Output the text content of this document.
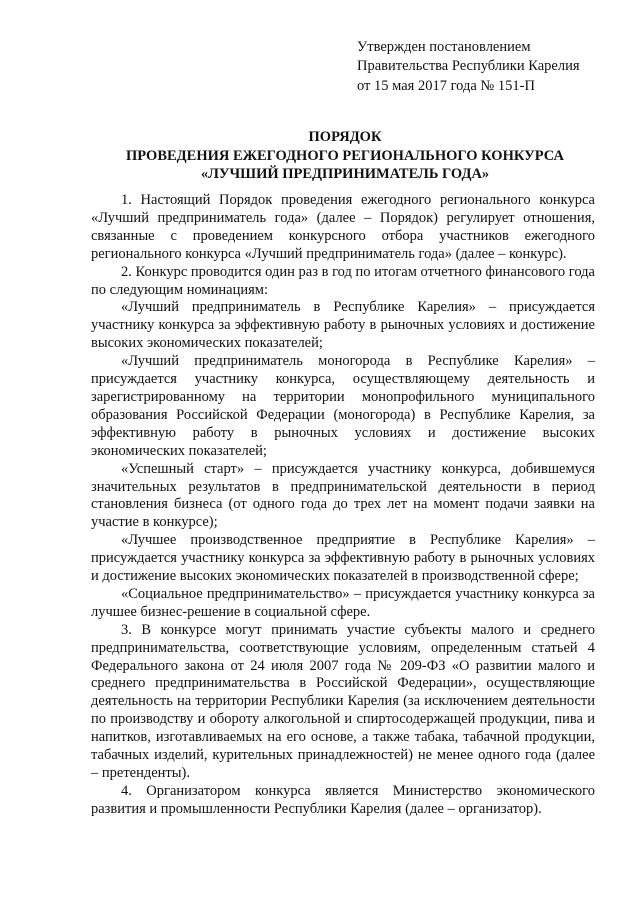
Утвержден постановлением
Правительства Республики Карелия
от 15 мая 2017 года № 151-П
ПОРЯДОК
ПРОВЕДЕНИЯ ЕЖЕГОДНОГО РЕГИОНАЛЬНОГО КОНКУРСА
«ЛУЧШИЙ ПРЕДПРИНИМАТЕЛЬ ГОДА»

1. Настоящий Порядок проведения ежегодного регионального конкурса «Лучший предприниматель года» (далее – Порядок) регулирует отношения, связанные с проведением конкурсного отбора участников ежегодного регионального конкурса «Лучший предприниматель года» (далее – конкурс).

2. Конкурс проводится один раз в год по итогам отчетного финансового года по следующим номинациям:

«Лучший предприниматель в Республике Карелия» – присуждается участнику конкурса за эффективную работу в рыночных условиях и достижение высоких экономических показателей;

«Лучший предприниматель моногорода в Республике Карелия» – присуждается участнику конкурса, осуществляющему деятельность и зарегистрированному на территории монопрофильного муниципального образования Российской Федерации (моногорода) в Республике Карелия, за эффективную работу в рыночных условиях и достижение высоких экономических показателей;

«Успешный старт» – присуждается участнику конкурса, добившемуся значительных результатов в предпринимательской деятельности в период становления бизнеса (от одного года до трех лет на момент подачи заявки на участие в конкурсе);

«Лучшее производственное предприятие в Республике Карелия» – присуждается участнику конкурса за эффективную работу в рыночных условиях и достижение высоких экономических показателей в производственной сфере;

«Социальное предпринимательство» – присуждается участнику конкурса за лучшее бизнес-решение в социальной сфере.

3. В конкурсе могут принимать участие субъекты малого и среднего предпринимательства, соответствующие условиям, определенным статьей 4 Федерального закона от 24 июля 2007 года № 209-ФЗ «О развитии малого и среднего предпринимательства в Российской Федерации», осуществляющие деятельность на территории Республики Карелия (за исключением деятельности по производству и обороту алкогольной и спиртосодержащей продукции, пива и напитков, изготавливаемых на его основе, а также табака, табачной продукции, табачных изделий, курительных принадлежностей) не менее одного года (далее – претенденты).

4. Организатором конкурса является Министерство экономического развития и промышленности Республики Карелия (далее – организатор).
